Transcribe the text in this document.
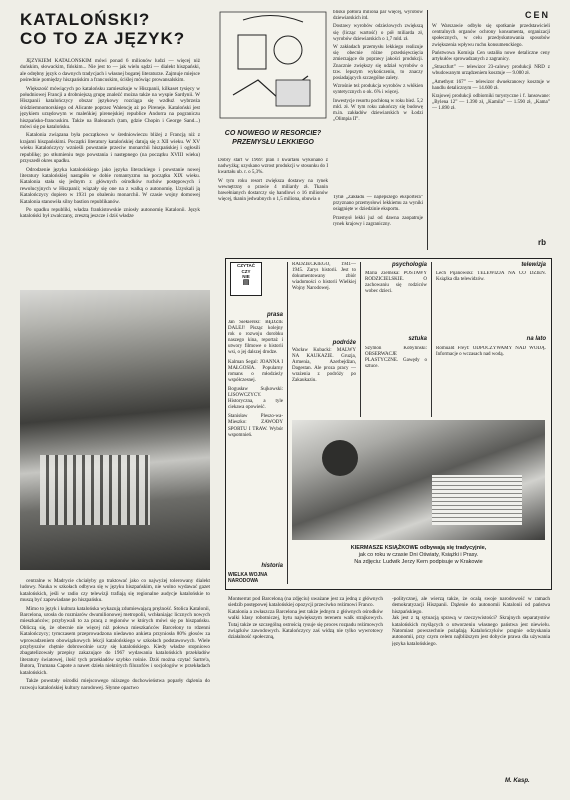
KATALOŃSKI?
CO TO ZA JĘZYK?

JĘZYKIEM KATALOŃSKIM mówi ponad 6 milionów ludzi — więcej niż duńskim, słowackim, fińskim... Nie jest to — jak wielu sądzi — dialekt hiszpański, ale odrębny język o dawnych tradycjach i własnej bogatej literaturze. Zajmuje miejsce pośrednie pomiędzy hiszpańskim a francuskim, ściślej mówiąc prowansalskim.

Większość mówiących po katalońsku zamieszkuje w Hiszpanii, kilkaset tysięcy w południowej Francji a drobniejszą grupę znaleźć można także na wyspie Sardynii. W Hiszpanii katalończycy obszar językowy rozciąga się wzdłuż wybrzeża śródziemnomorskiego od Alicante poprzez Walencję aż po Pireneje. Kataloński jest językiem urzędowym w maleńkiej pirenejskiej republice Andorra na pograniczu hiszpańsko-francuskim. Także na Balearach (tam, gdzie Chopin i George Sand...) mówi się po katalońsku.

Katalonia związana była początkowo w średniowieczu bliżej z Francją niż z krajami hiszpańskimi. Początki literatury katalońskiej datują się z XII wieku. W XV wieku Katalończycy wznieśli powstanie przeciw monarchii hiszpańskiej i ogłosili republikę; po stłumieniu tego powstania i następnego (na początku XVIII wieku) przyszedł okres upadku.

Odrodzenie języka katalońskiego jako języka literackiego i powstanie nowej literatury katalońskiej nastąpiło w dobie romantyzmu na początku XIX wieku. Katalonia stała się jednym z głównych ośrodków ruchów postępowych i rewolucyjnych w Hiszpanii; wiązały się one na z walką o autonomię. Uzyskali ją Katalończycy dopiero w 1931 po obaleniu monarchii. W czasie wojny domowej Katalonia stanowiła silny bastion republikanów.

Po upadku republiki, władza frankistowskie zniosły autonomię Katalonii. Język kataloński był zwalczany, zresztą jeszcze i dziś władze

centralne w Madrycie chciałyby go traktować jako co najwyżej tolerowany dialekt ludowy. Nauka w szkołach odbywa się w języku hiszpańskim, nie wolno wydawać gazet katalońskich, jeśli w radio czy telewizji trafiają się regionalne audycje katalońskie to muszą być zapowiadane po hiszpańsku.

Mimo to język i kultura katalońska wykazują zdumiewającą prężność. Stolica Katalonii, Barcelona, urosła do rozmiarów dwumilionowej metropolii, wchłaniając licznych nowych mieszkańców; przybywali to za pracą z regionów w których mówi się po hiszpańsku. Obliczą się, że obecnie nie więcej niż połowa mieszkańców Barcelony to rdzenni Katalończycy; tymczasem przeprowadzona niedawno ankieta przyniosła 80% głosów za wprowadzeniem obowiązkowych lekcji katalońskiego w szkołach podstawowych. Wiele przybyszów chętnie dobrowolnie uczy się katalońskiego. Kiedy władze stopniowo zbagatelizowały przepisy zakazujące do 1967 wydawania katalońskich przekładów literatury światowej, ilość tych przekładów szybko rośnie. Dziś można czytać Sartre'a, Butora, Trumana Capote a nawet dzieła niektórych filozofów i socjologów w przekładach katalońskich.

Także powstały ośrodki miejscowego niższego duchowieństwa poparły dążenia do rozwoju katalońskiej kultury narodowej. Słynne opactwo

CO NOWEGO W RESORCIE?
PRZEMYSŁU LEKKIEGO
Dobry start w 1969: plan I kwartału wykonano z nadwyżką; uzyskano wzrost produkcji w stosunku do I kwartału ub. r. o 5,3%.
W tym roku resort zwiększa dostawy na rynek wewnętrzny o prawie 4 miliardy zł. Tkanin bawełnianych dostarczy się handlowi o 16 milionów więcej, tkanin jedwabnych o 1,5 miliona, obuwia o
blisko półtora miliona par więcej, wyrobów dziewiarskich itd.
Dostawy wyrobów odzieżowych zwiększą się (licząc wartość) o pół miliarda zł, wyrobów dziewiarskich o 1,7 mld. zł.
W zakładach przemysłu lekkiego realizuje się obecnie różne przedsięwzięcia zmierzające do poprawy jakości produkcji. Znacznie zwiększy się udział wyrobów o tzw. lepszym wykończeniu, to znaczy posiadających szczególne zalety.
Wzrośnie też produkcja wyrobów z włókien syntetycznych o ok. 6% i więcej.
Inwestycje resortu pochłoną w roku bież. 5,2 mld. zł. W tym roku zakończy się budowę m.in. zakładów dziewiarskich w Łodzi „Olimpia II”.
Tytuł „Zakładu — najlepszego eksportera” przyznano przemysłowi lekkiemu za wyniki osiągnięte w dziedzinie eksportu.
Przemysł lekki już od dawna zaopatruje rynek krajowy i zagraniczny.
CEN
W Warszawie odbyło się spotkanie przedstawicieli centralnych organów ochrony konsumenta, organizacji społecznych, w celu przedyskutowania sposobów zwiększenia wpływu ruchu konsumenckiego.
Państwowa Komisja Cen ustaliła nowe detaliczne ceny artykułów sprowadzanych z zagranicy.
„Straszfurt” — telewizor 23-calowy produkcji NRD z wbudowanym urządzeniem kosztuje — 9.000 zł.
„Amethyst 167” — telewizor dwuekranowy kosztuje w handlu detalicznym — 14.600 zł.
Krajowej produkcji odbiorniki turystyczne i f. lansowane: „Bylena 12” — 1.390 zł, „Kamila” — 1.590 zł, „Kama” — 1.890 zł.
rb
CZYTAĆ
CZY
NIE
▤
prasa
Jan Siekierski: BĘDZIE DALEJ! Pisząc kolejny rok o rozwoju dorobku naszego kina, reportaż i utwory filmowe o historii wsi, o jej dalszej drodze.
Kalman Segal: JOANNA I MAŁGOSIA. Popularny romans o młodzieży współczesnej.
Bogusław Sujkowski: LISOWCZYCY. Historyczna, a tyle ciekawa opowieść.
Stanisław Pleszo-wa-Mieszko: ZAWODY SPORTU I TRAW. Wybór wspomnień.
historia
WIELKA WOJNA NARODOWA
RADZIECKIEGO, 1941—1945. Zarys historii. Jest to dokumentowany zbiór wiadomości o historii Wielkiej Wojny Narodowej.
podróże
Wacław Kubacki: MALWY NA KAUKAZIE. Gruzja, Armenia, Azerbejdżan, Dagestan. Ale proza pracy — wrażenia z podróży po Zakaukaziu.
psychologia
Maria Ziemska: POSTAWY RODZICIELSKIE. O zachowaniu się rodziców wobec dzieci.
sztuka
Szymon Kobyliński: OBSERWACJE PLASTYCZNE. Gawędy o sztuce.
telewizja
Lech Pijanowski: TELEWIZJA NA CO DZIEŃ. Książka dla telewidzów.
na lato
Romuald Freyt: ODPOCZYWAMY NAD WODĄ. Informacje o wczasach nad wodą.
KIERMASZE KSIĄŻKOWE odbywają się tradycyjnie,
jak co roku w czasie Dni Oświaty, Książki i Prasy.
Na zdjęciu: Ludwik Jerzy Kern podpisuje w Krakowie
Montserrat pod Barceloną (na zdjęciu) uważane jest za jedną z głównych siedzib postępowej katalońskiej opozycji przeciwko reżimowi Franco.
Katalonia a zwłaszcza Barcelona jest także jednym z głównych ośrodków walki klasy robotniczej, bytu największym terenem walk strajkowych. Tutaj także ze szczególną ostrością rysuje się proces rozpadu reżimowych związków zawodowych. Katalończycy zaś widzą nie tylko wywrotowy działalność społeczną,
-politycznej, ale wierzą także, że ocalą swoje narodowość w ramach demokratyzacji Hiszpanii. Dążenie do autonomii Katalonii od państwa hiszpańskiego.
Jak jest z tą sytuacją sprawą w rzeczywistości? Skrajnych separatystów katalońskich myślących o utworzeniu własnego państwa jest niewielu. Natomiast powszechnie pożądają Katalończyków pragnie odzyskania autonomii, przy czym celem najbliższym jest dobycie prawa dla używania języka katalońskiego.
M. Kasp.
